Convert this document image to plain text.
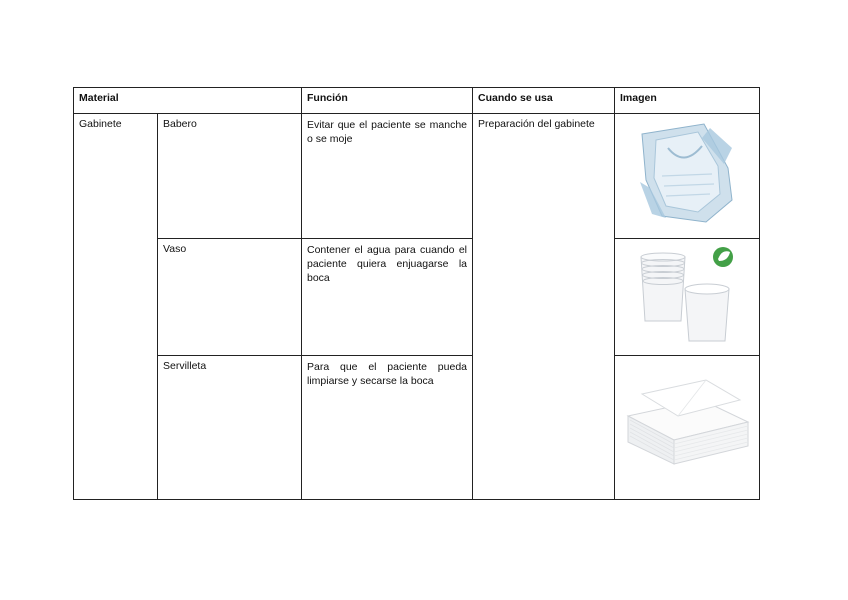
Material		Función	Cuando se usa	Imagen
Gabinete	Babero	Evitar que el paciente se manche o se moje	Preparación del gabinete	

	Vaso	Contener el agua para cuando el paciente quiera enjuagarse la boca	

	Servilleta	Para que el paciente pueda limpiarse y secarse la boca	
